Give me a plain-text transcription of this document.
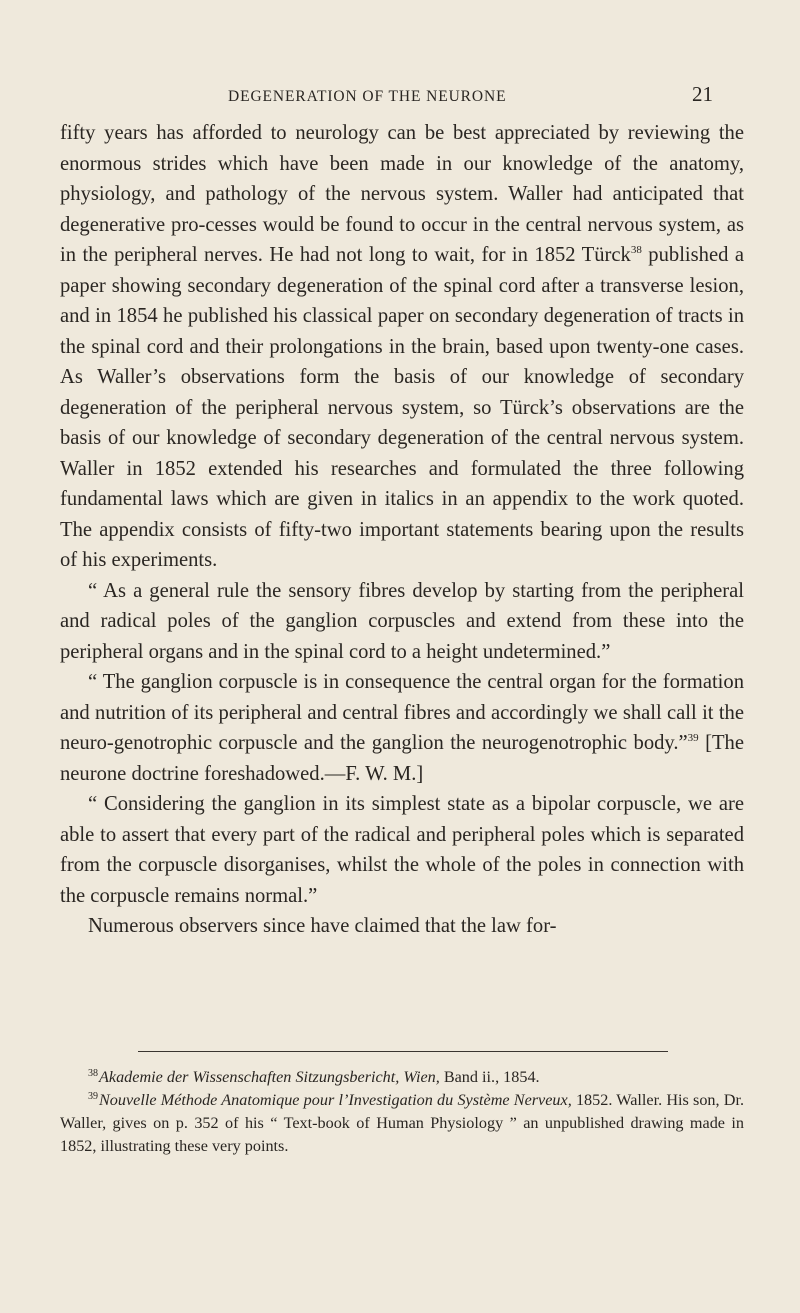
DEGENERATION OF THE NEURONE	21

fifty years has afforded to neurology can be best appreciated by reviewing the enormous strides which have been made in our knowledge of the anatomy, physiology, and pathology of the nervous system. Waller had anticipated that degenerative pro-cesses would be found to occur in the central nervous system, as in the peripheral nerves. He had not long to wait, for in 1852 Türck$^{38}$ published a paper showing secondary degeneration of the spinal cord after a transverse lesion, and in 1854 he published his classical paper on secondary degeneration of tracts in the spinal cord and their prolongations in the brain, based upon twenty-one cases. As Waller’s observations form the basis of our knowledge of secondary degeneration of the peripheral nervous system, so Türck’s observations are the basis of our knowledge of secondary degeneration of the central nervous system. Waller in 1852 extended his researches and formulated the three following fundamental laws which are given in italics in an appendix to the work quoted. The appendix consists of fifty-two important statements bearing upon the results of his experiments.

“ As a general rule the sensory fibres develop by starting from the peripheral and radical poles of the ganglion corpuscles and extend from these into the peripheral organs and in the spinal cord to a height undetermined.”

“ The ganglion corpuscle is in consequence the central organ for the formation and nutrition of its peripheral and central fibres and accordingly we shall call it the neuro-genotrophic corpuscle and the ganglion the neurogenotrophic body.”$^{39}$ [The neurone doctrine foreshadowed.—F. W. M.]

“ Considering the ganglion in its simplest state as a bipolar corpuscle, we are able to assert that every part of the radical and peripheral poles which is separated from the corpuscle disorganises, whilst the whole of the poles in connection with the corpuscle remains normal.”

Numerous observers since have claimed that the law for-

$^{38}$Akademie der Wissenschaften Sitzungsbericht, Wien, Band ii., 1854.

$^{39}$Nouvelle Méthode Anatomique pour l’Investigation du Système Nerveux, 1852. Waller. His son, Dr. Waller, gives on p. 352 of his “ Text-book of Human Physiology ” an unpublished drawing made in 1852, illustrating these very points.
